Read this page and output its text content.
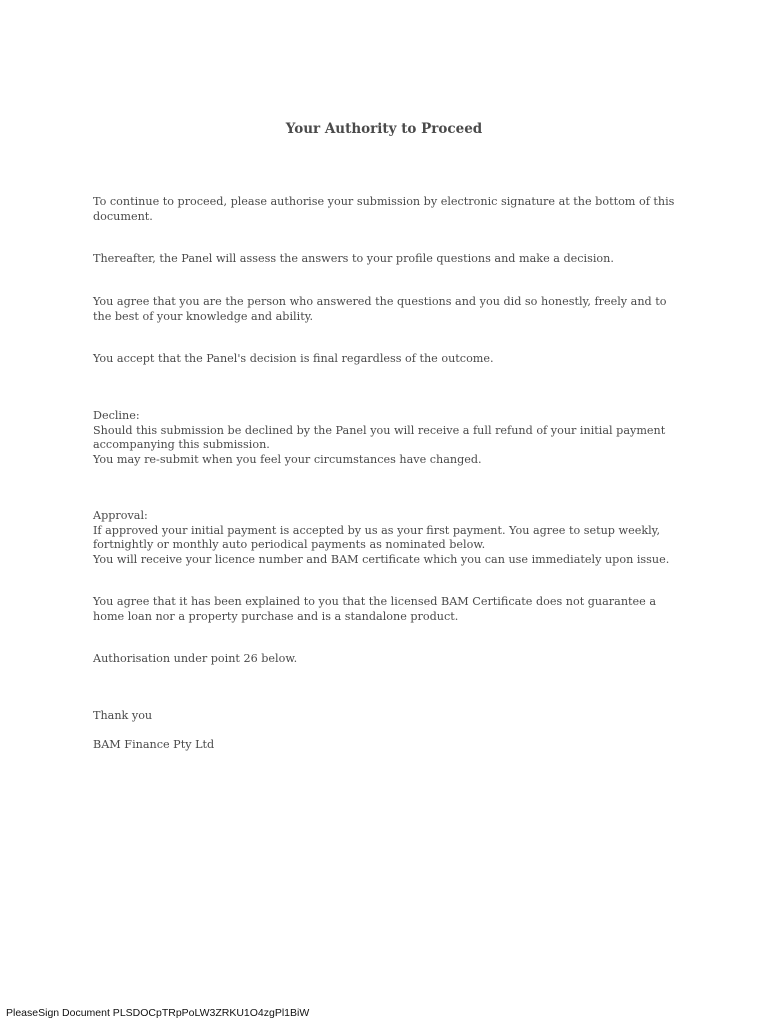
Your Authority to Proceed
To continue to proceed, please authorise your submission by electronic signature at the bottom of this document.
Thereafter, the Panel will assess the answers to your profile questions and make a decision.
You agree that you are the person who answered the questions and you did so honestly, freely and to the best of your knowledge and ability.
You accept that the Panel's decision is final regardless of the outcome.
Decline:
Should this submission be declined by the Panel you will receive a full refund of your initial payment accompanying this submission.
You may re-submit when you feel your circumstances have changed.
Approval:
If approved your initial payment is accepted by us as your first payment. You agree to setup weekly, fortnightly or monthly auto periodical payments as nominated below.
You will receive your licence number and BAM certificate which you can use immediately upon issue.
You agree that it has been explained to you that the licensed BAM Certificate does not guarantee a home loan nor a property purchase and is a standalone product.
Authorisation under point 26 below.
Thank you
BAM Finance Pty Ltd
PleaseSign Document PLSDOCpTRpPoLW3ZRKU1O4zgPl1BiW
